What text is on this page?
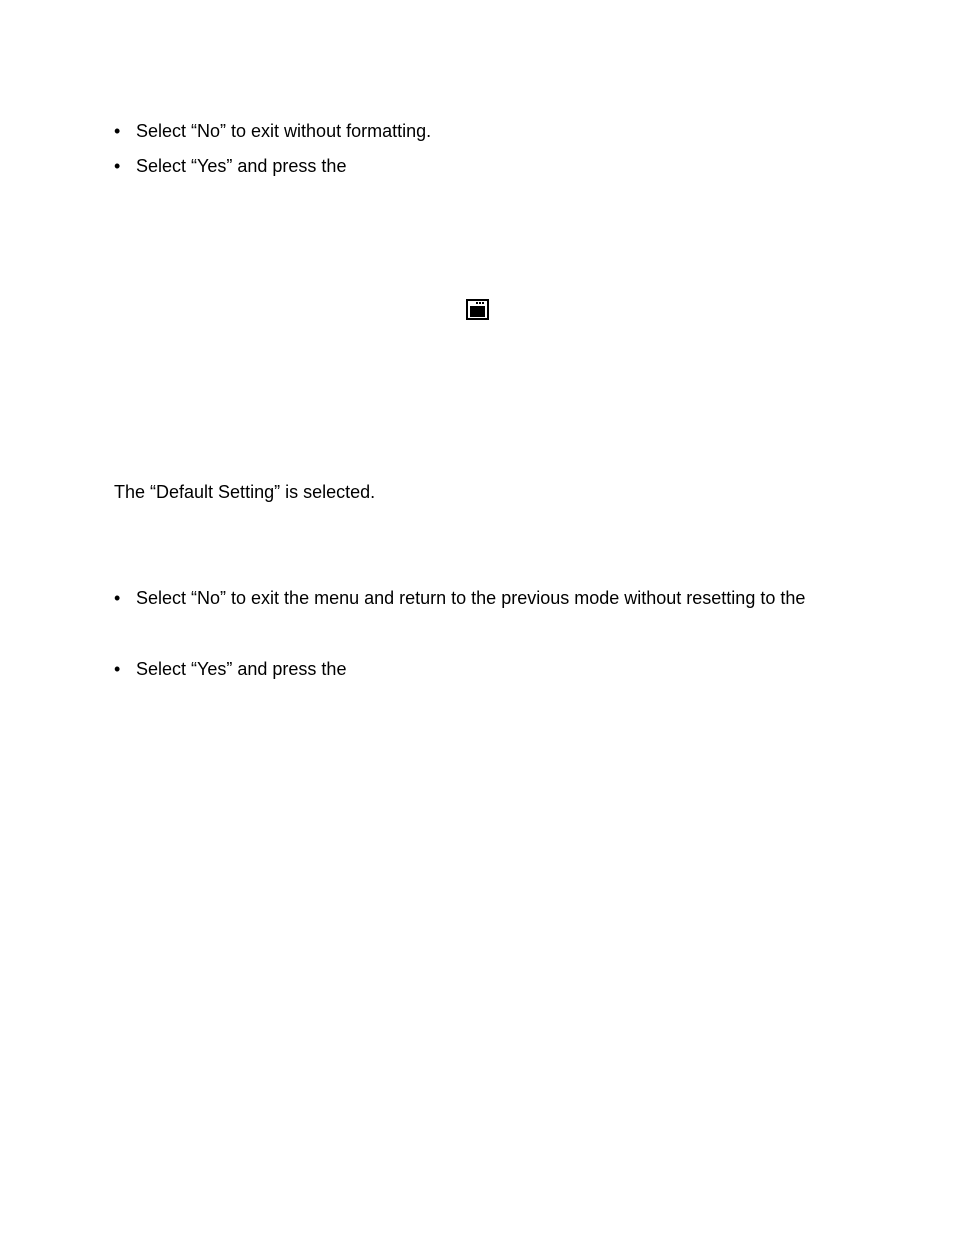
• Select “No” to exit without formatting.
• Select “Yes” and press the
The “Default Setting” is selected.
• Select “No” to exit the menu and return to the previous mode without resetting to the
• Select “Yes” and press the
